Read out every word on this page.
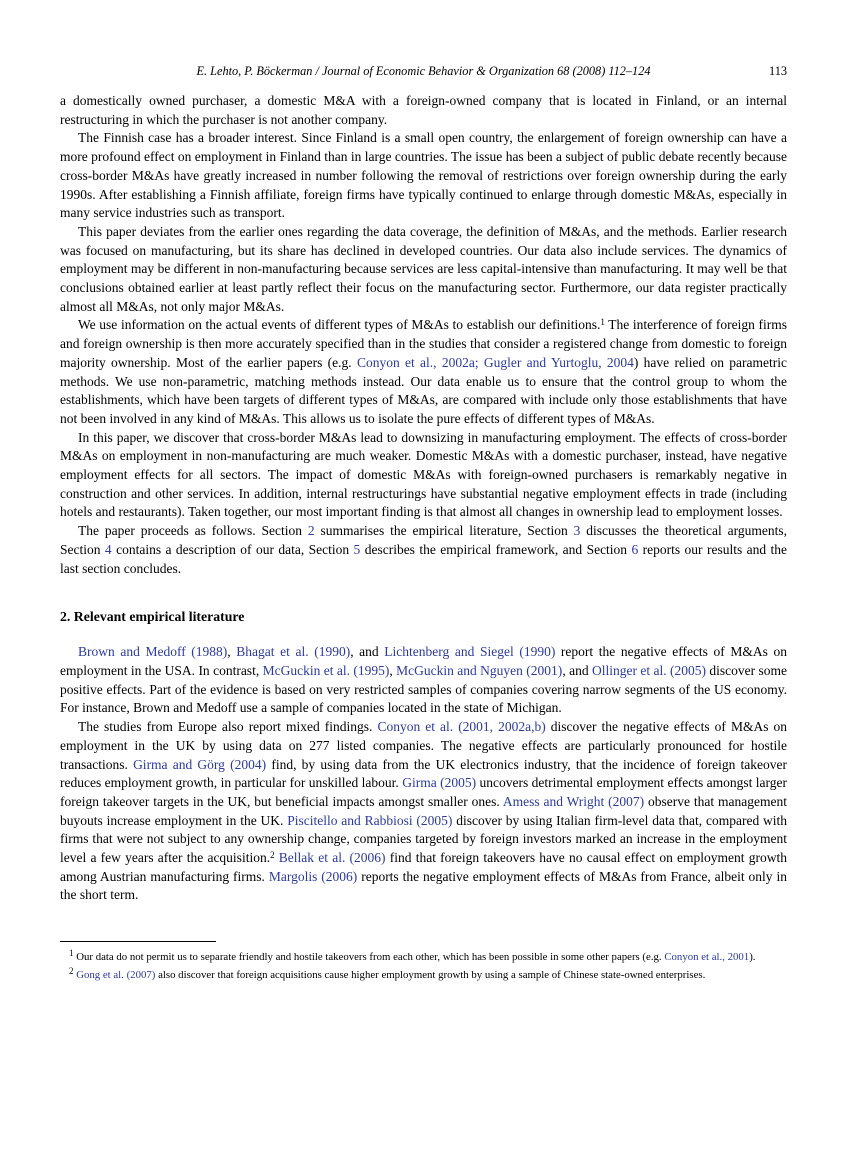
E. Lehto, P. Böckerman / Journal of Economic Behavior & Organization 68 (2008) 112–124	113

a domestically owned purchaser, a domestic M&A with a foreign-owned company that is located in Finland, or an internal restructuring in which the purchaser is not another company.

The Finnish case has a broader interest. Since Finland is a small open country, the enlargement of foreign ownership can have a more profound effect on employment in Finland than in large countries. The issue has been a subject of public debate recently because cross-border M&As have greatly increased in number following the removal of restrictions over foreign ownership during the early 1990s. After establishing a Finnish affiliate, foreign firms have typically continued to enlarge through domestic M&As, especially in many service industries such as transport.

This paper deviates from the earlier ones regarding the data coverage, the definition of M&As, and the methods. Earlier research was focused on manufacturing, but its share has declined in developed countries. Our data also include services. The dynamics of employment may be different in non-manufacturing because services are less capital-intensive than manufacturing. It may well be that conclusions obtained earlier at least partly reflect their focus on the manufacturing sector. Furthermore, our data register practically almost all M&As, not only major M&As.

We use information on the actual events of different types of M&As to establish our definitions.$^1$ The interference of foreign firms and foreign ownership is then more accurately specified than in the studies that consider a registered change from domestic to foreign majority ownership. Most of the earlier papers (e.g. Conyon et al., 2002a; Gugler and Yurtoglu, 2004) have relied on parametric methods. We use non-parametric, matching methods instead. Our data enable us to ensure that the control group to whom the establishments, which have been targets of different types of M&As, are compared with include only those establishments that have not been involved in any kind of M&As. This allows us to isolate the pure effects of different types of M&As.

In this paper, we discover that cross-border M&As lead to downsizing in manufacturing employment. The effects of cross-border M&As on employment in non-manufacturing are much weaker. Domestic M&As with a domestic purchaser, instead, have negative employment effects for all sectors. The impact of domestic M&As with foreign-owned purchasers is remarkably negative in construction and other services. In addition, internal restructurings have substantial negative employment effects in trade (including hotels and restaurants). Taken together, our most important finding is that almost all changes in ownership lead to employment losses.

The paper proceeds as follows. Section 2 summarises the empirical literature, Section 3 discusses the theoretical arguments, Section 4 contains a description of our data, Section 5 describes the empirical framework, and Section 6 reports our results and the last section concludes.

2. Relevant empirical literature

Brown and Medoff (1988), Bhagat et al. (1990), and Lichtenberg and Siegel (1990) report the negative effects of M&As on employment in the USA. In contrast, McGuckin et al. (1995), McGuckin and Nguyen (2001), and Ollinger et al. (2005) discover some positive effects. Part of the evidence is based on very restricted samples of companies covering narrow segments of the US economy. For instance, Brown and Medoff use a sample of companies located in the state of Michigan.

The studies from Europe also report mixed findings. Conyon et al. (2001, 2002a,b) discover the negative effects of M&As on employment in the UK by using data on 277 listed companies. The negative effects are particularly pronounced for hostile transactions. Girma and Görg (2004) find, by using data from the UK electronics industry, that the incidence of foreign takeover reduces employment growth, in particular for unskilled labour. Girma (2005) uncovers detrimental employment effects amongst larger foreign takeover targets in the UK, but beneficial impacts amongst smaller ones. Amess and Wright (2007) observe that management buyouts increase employment in the UK. Piscitello and Rabbiosi (2005) discover by using Italian firm-level data that, compared with firms that were not subject to any ownership change, companies targeted by foreign investors marked an increase in the employment level a few years after the acquisition.$^2$ Bellak et al. (2006) find that foreign takeovers have no causal effect on employment growth among Austrian manufacturing firms. Margolis (2006) reports the negative employment effects of M&As from France, albeit only in the short term.

$^1$ Our data do not permit us to separate friendly and hostile takeovers from each other, which has been possible in some other papers (e.g. Conyon et al., 2001).

$^2$ Gong et al. (2007) also discover that foreign acquisitions cause higher employment growth by using a sample of Chinese state-owned enterprises.
